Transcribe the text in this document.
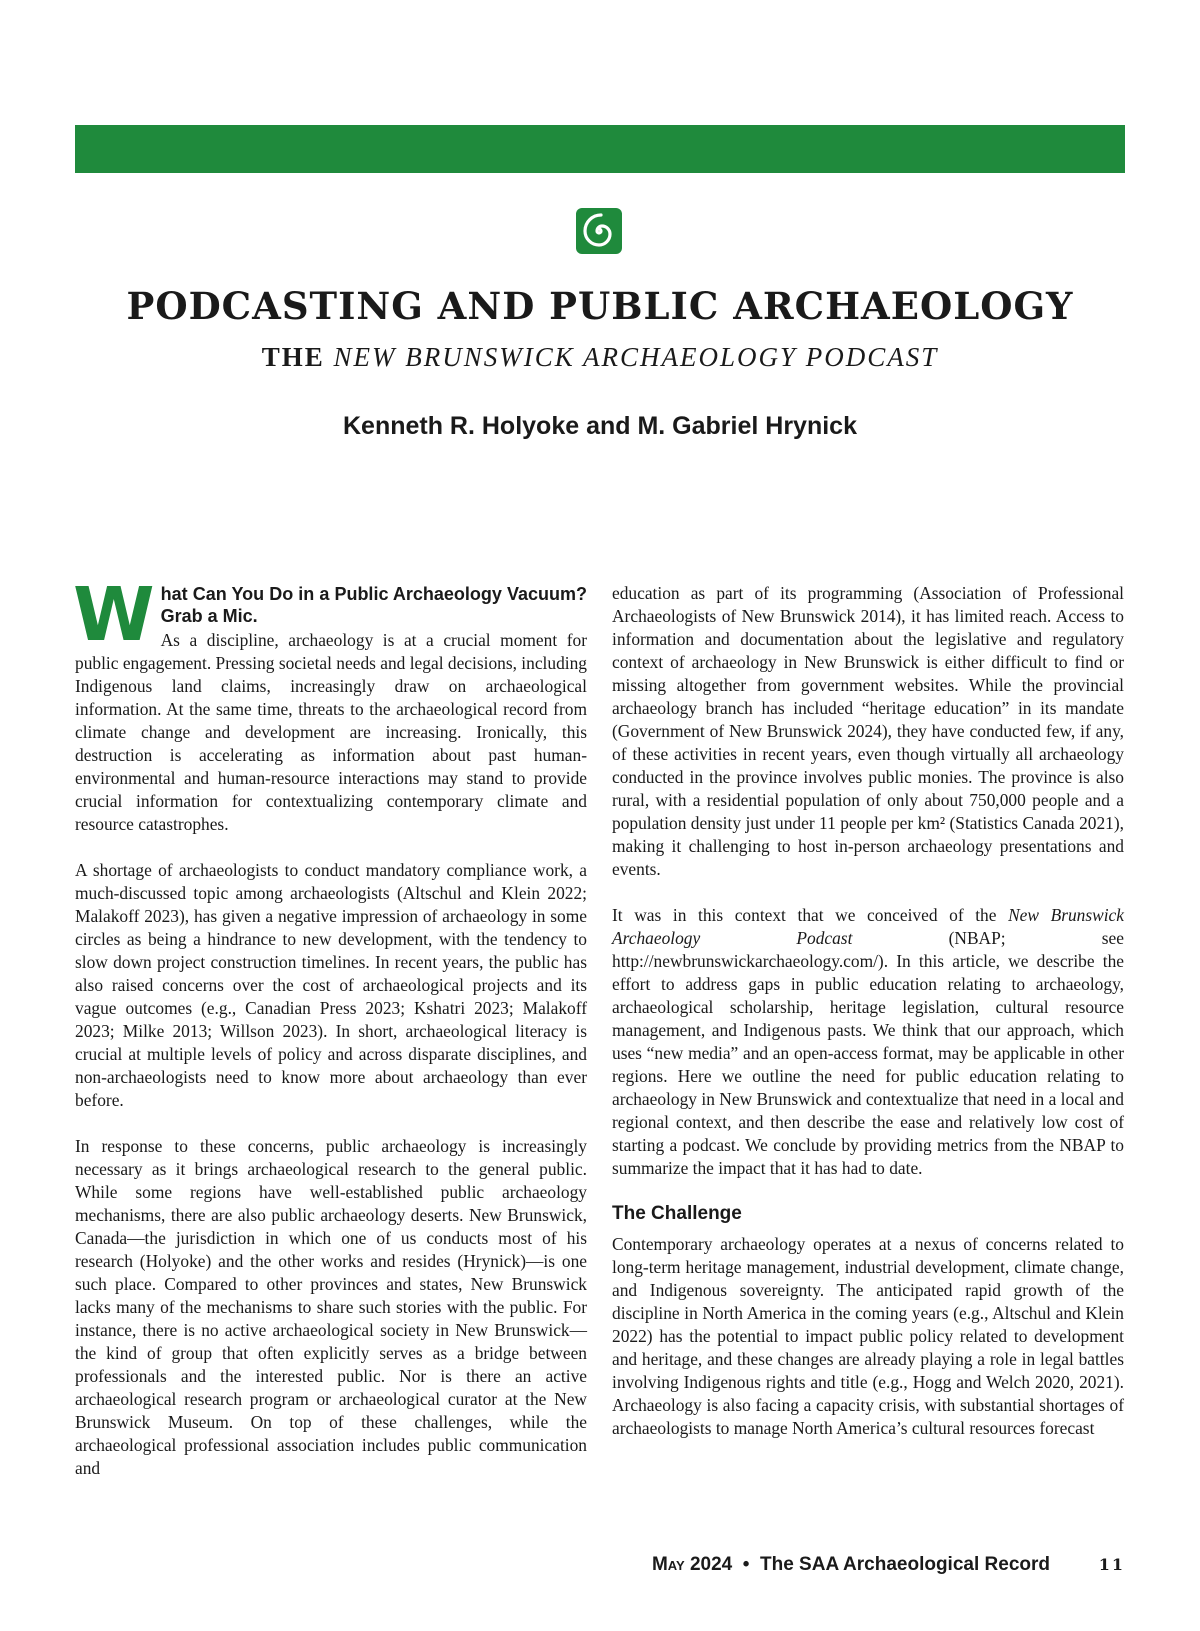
PODCASTING AND PUBLIC ARCHAEOLOGY
THE NEW BRUNSWICK ARCHAEOLOGY PODCAST
Kenneth R. Holyoke and M. Gabriel Hrynick
W hat Can You Do in a Public Archaeology Vacuum? Grab a Mic.

As a discipline, archaeology is at a crucial moment for public engagement. Pressing societal needs and legal decisions, including Indigenous land claims, increasingly draw on archaeological information. At the same time, threats to the archaeological record from climate change and development are increasing. Ironically, this destruction is accelerating as information about past human-environmental and human-resource interactions may stand to provide crucial information for contextualizing contemporary climate and resource catastrophes.

A shortage of archaeologists to conduct mandatory compliance work, a much-discussed topic among archaeologists (Altschul and Klein 2022; Malakoff 2023), has given a negative impression of archaeology in some circles as being a hindrance to new development, with the tendency to slow down project construction timelines. In recent years, the public has also raised concerns over the cost of archaeological projects and its vague outcomes (e.g., Canadian Press 2023; Kshatri 2023; Malakoff 2023; Milke 2013; Willson 2023). In short, archaeological literacy is crucial at multiple levels of policy and across disparate disciplines, and non-archaeologists need to know more about archaeology than ever before.

In response to these concerns, public archaeology is increasingly necessary as it brings archaeological research to the general public. While some regions have well-established public archaeology mechanisms, there are also public archaeology deserts. New Brunswick, Canada—the jurisdiction in which one of us conducts most of his research (Holyoke) and the other works and resides (Hrynick)—is one such place. Compared to other provinces and states, New Brunswick lacks many of the mechanisms to share such stories with the public. For instance, there is no active archaeological society in New Brunswick—the kind of group that often explicitly serves as a bridge between professionals and the interested public. Nor is there an active archaeological research program or archaeological curator at the New Brunswick Museum. On top of these challenges, while the archaeological professional association includes public communication and

education as part of its programming (Association of Professional Archaeologists of New Brunswick 2014), it has limited reach. Access to information and documentation about the legislative and regulatory context of archaeology in New Brunswick is either difficult to find or missing altogether from government websites. While the provincial archaeology branch has included “heritage education” in its mandate (Government of New Brunswick 2024), they have conducted few, if any, of these activities in recent years, even though virtually all archaeology conducted in the province involves public monies. The province is also rural, with a residential population of only about 750,000 people and a population density just under 11 people per km² (Statistics Canada 2021), making it challenging to host in-person archaeology presentations and events.

It was in this context that we conceived of the New Brunswick Archaeology Podcast	(NBAP; see http://newbrunswickarchaeology.com/). In this article, we describe the effort to address gaps in public education relating to archaeology, archaeological scholarship, heritage legislation, cultural resource management, and Indigenous pasts. We think that our approach, which uses “new media” and an open-access format, may be applicable in other regions. Here we outline the need for public education relating to archaeology in New Brunswick and contextualize that need in a local and regional context, and then describe the ease and relatively low cost of starting a podcast. We conclude by providing metrics from the NBAP to summarize the impact that it has had to date.

The Challenge

Contemporary archaeology operates at a nexus of concerns related to long-term heritage management, industrial development, climate change, and Indigenous sovereignty. The anticipated rapid growth of the discipline in North America in the coming years (e.g., Altschul and Klein 2022) has the potential to impact public policy related to development and heritage, and these changes are already playing a role in legal battles involving Indigenous rights and title (e.g., Hogg and Welch 2020, 2021). Archaeology is also facing a capacity crisis, with substantial shortages of archaeologists to manage North America’s cultural resources forecast

May 2024 • The SAA Archaeological Record	11
